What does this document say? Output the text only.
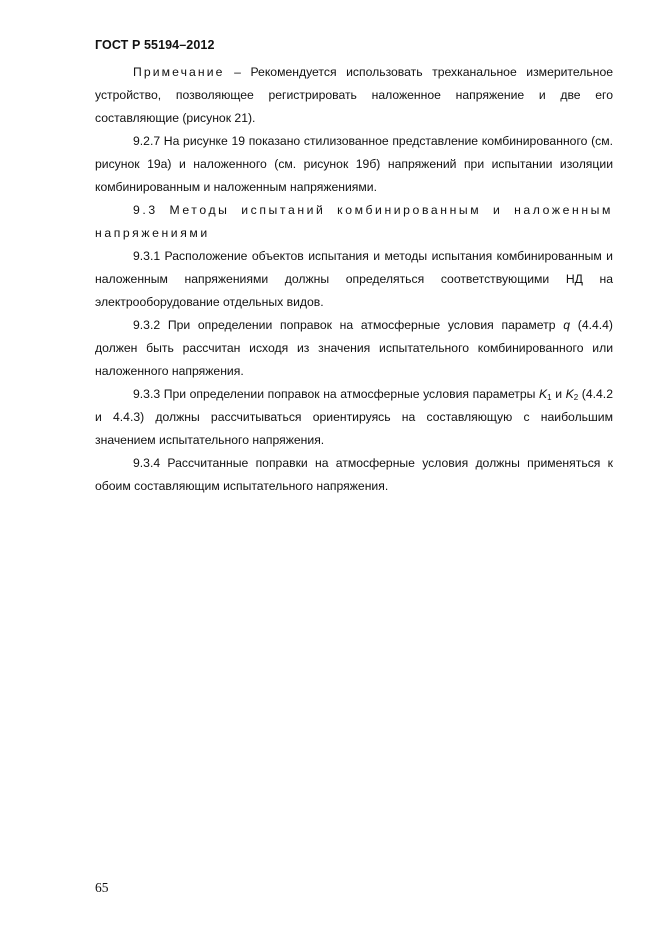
ГОСТ Р 55194–2012

Примечание – Рекомендуется использовать трехканальное измерительное устройство, позволяющее регистрировать наложенное напряжение и две его составляющие (рисунок 21).

9.2.7 На рисунке 19 показано стилизованное представление комбинированного (см. рисунок 19а) и наложенного (см. рисунок 19б) напряжений при испытании изоляции комбинированным и наложенным напряжениями.

9.3 Методы испытаний комбинированным и наложенным напряжениями

9.3.1 Расположение объектов испытания и методы испытания комбинированным и наложенным напряжениями должны определяться соответствующими НД на электрооборудование отдельных видов.

9.3.2 При определении поправок на атмосферные условия параметр q (4.4.4) должен быть рассчитан исходя из значения испытательного комбинированного или наложенного напряжения.

9.3.3 При определении поправок на атмосферные условия параметры $K_1$ и $K_2$ (4.4.2 и 4.4.3) должны рассчитываться ориентируясь на составляющую с наибольшим значением испытательного напряжения.

9.3.4 Рассчитанные поправки на атмосферные условия должны применяться к обоим составляющим испытательного напряжения.

65
